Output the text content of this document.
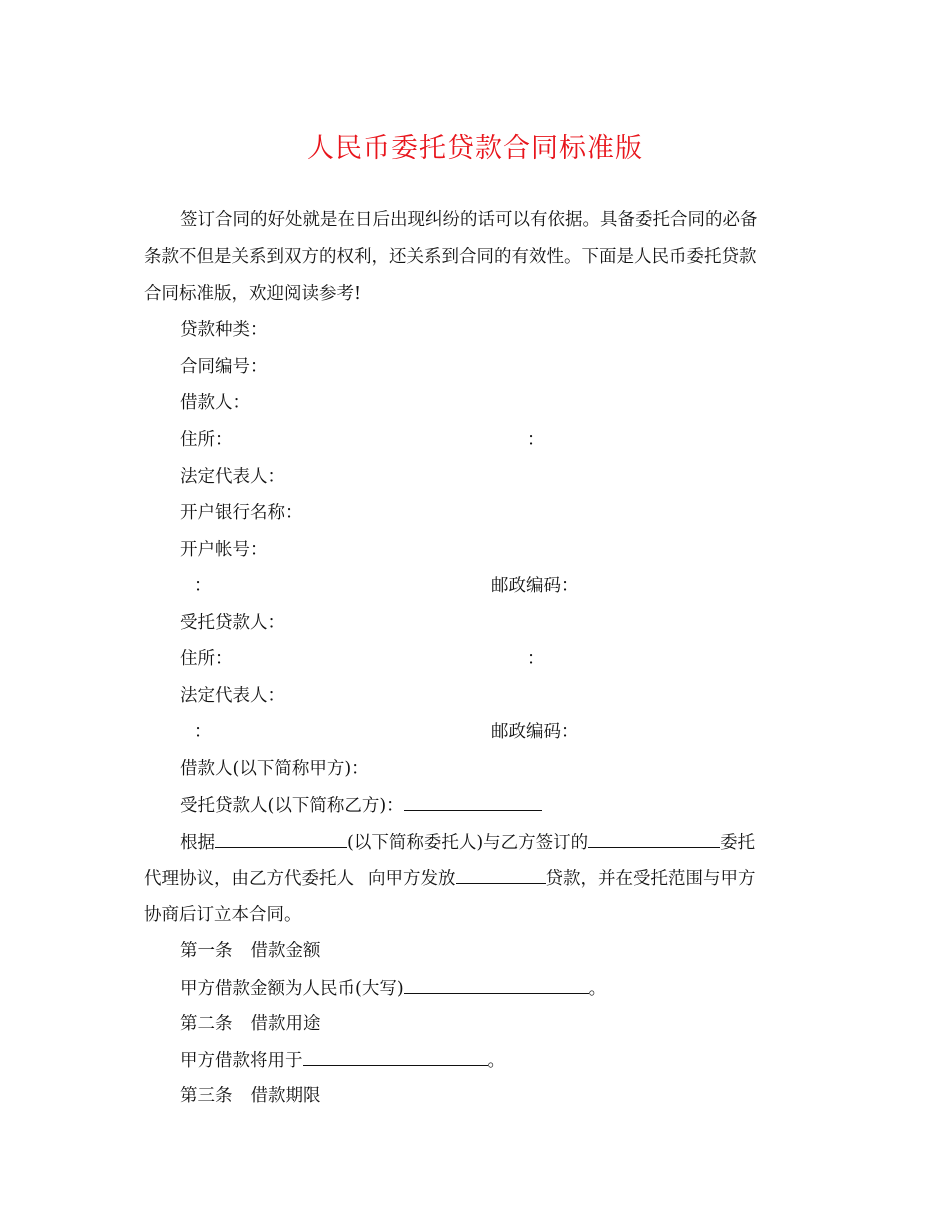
人民币委托贷款合同标准版
签订合同的好处就是在日后出现纠纷的话可以有依据。具备委托合同的必备
条款不但是关系到双方的权利，还关系到合同的有效性。下面是人民币委托贷款
合同标准版，欢迎阅读参考!
贷款种类：
合同编号：
借款人：
住所：	：
法定代表人：
开户银行名称：
开户帐号：
：	邮政编码：
受托贷款人：
住所：	：
法定代表人：
：	邮政编码：
借款人(以下简称甲方)：
受托贷款人(以下简称乙方)：
根据	(以下简称委托人)与乙方签订的	委托
代理协议，由乙方代委托人 向甲方发放	贷款，并在受托范围与甲方
协商后订立本合同。
第一条 借款金额
甲方借款金额为人民币(大写)	。
第二条 借款用途
甲方借款将用于	。
第三条 借款期限
